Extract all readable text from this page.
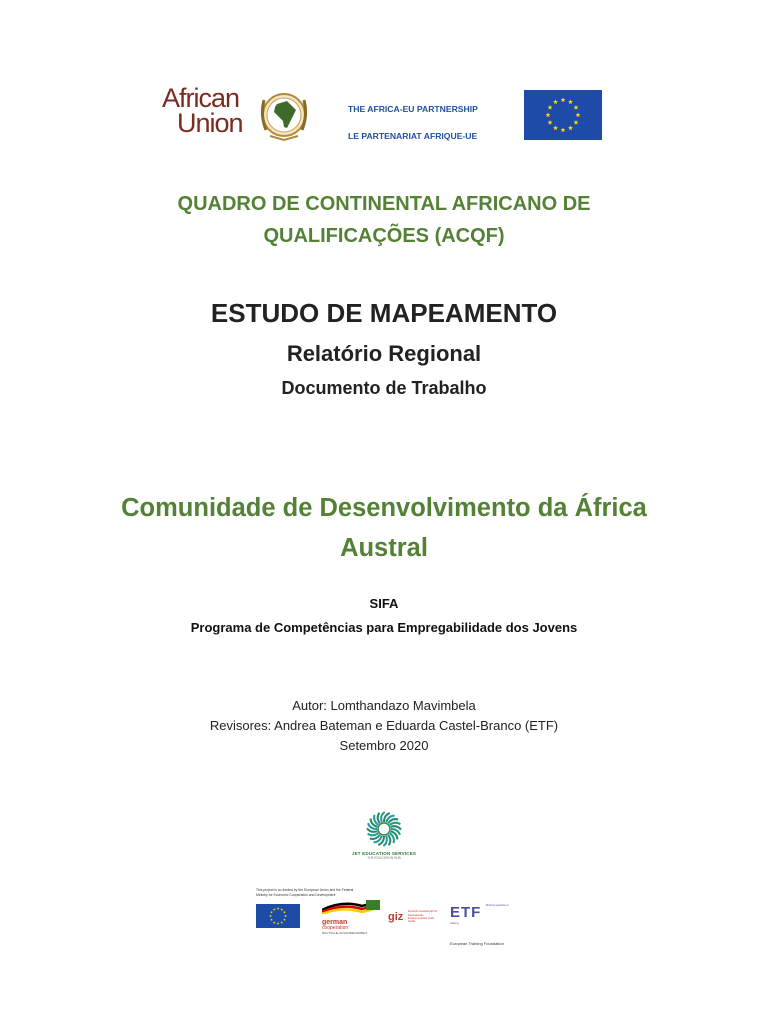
African
Union	THE AFRICA-EU PARTNERSHIP
LE PARTENARIAT AFRIQUE-UE
QUADRO DE CONTINENTAL AFRICANO DE
QUALIFICAÇÕES (ACQF)
ESTUDO DE MAPEAMENTO
Relatório Regional
Documento de Trabalho
Comunidade de Desenvolvimento da África
Austral
SIFA
Programa de Competências para Empregabilidade dos Jovens
Autor: Lomthandazo Mavimbela
Revisores: Andrea Bateman e Eduarda Castel-Branco (ETF)
Setembro 2020
JET EDUCATION SERVICES
THE EDUCATION HUB
This project is co-funded by the European Union and the Federal
Ministry for Economic Cooperation and Development
german
cooperation
DEUTSCHE ZUSAMMENARBEIT
giz Deutsche Gesellschaft für Internationale Zusammenarbeit (GIZ) GmbH
ETF $^{Sharing expertise in training}$
European Training Foundation
